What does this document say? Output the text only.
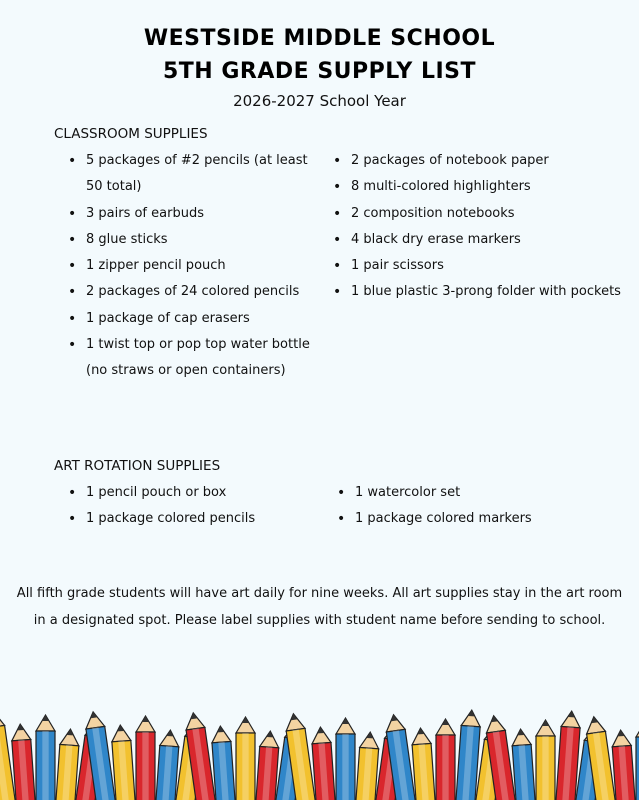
WESTSIDE MIDDLE SCHOOL
5TH GRADE SUPPLY LIST
2026-2027 School Year
CLASSROOM SUPPLIES
• 5 packages of #2 pencils (at least 50 total)
• 3 pairs of earbuds
• 8 glue sticks
• 1 zipper pencil pouch
• 2 packages of 24 colored pencils
• 1 package of cap erasers
• 1 twist top or pop top water bottle (no straws or open containers)
• 2 packages of notebook paper
• 8 multi-colored highlighters
• 2 composition notebooks
• 4 black dry erase markers
• 1 pair scissors
• 1 blue plastic 3-prong folder with pockets
ART ROTATION SUPPLIES
• 1 pencil pouch or box
• 1 package colored pencils
• 1 watercolor set
• 1 package colored markers
All fifth grade students will have art daily for nine weeks. All art supplies stay in the art room in a designated spot. Please label supplies with student name before sending to school.
